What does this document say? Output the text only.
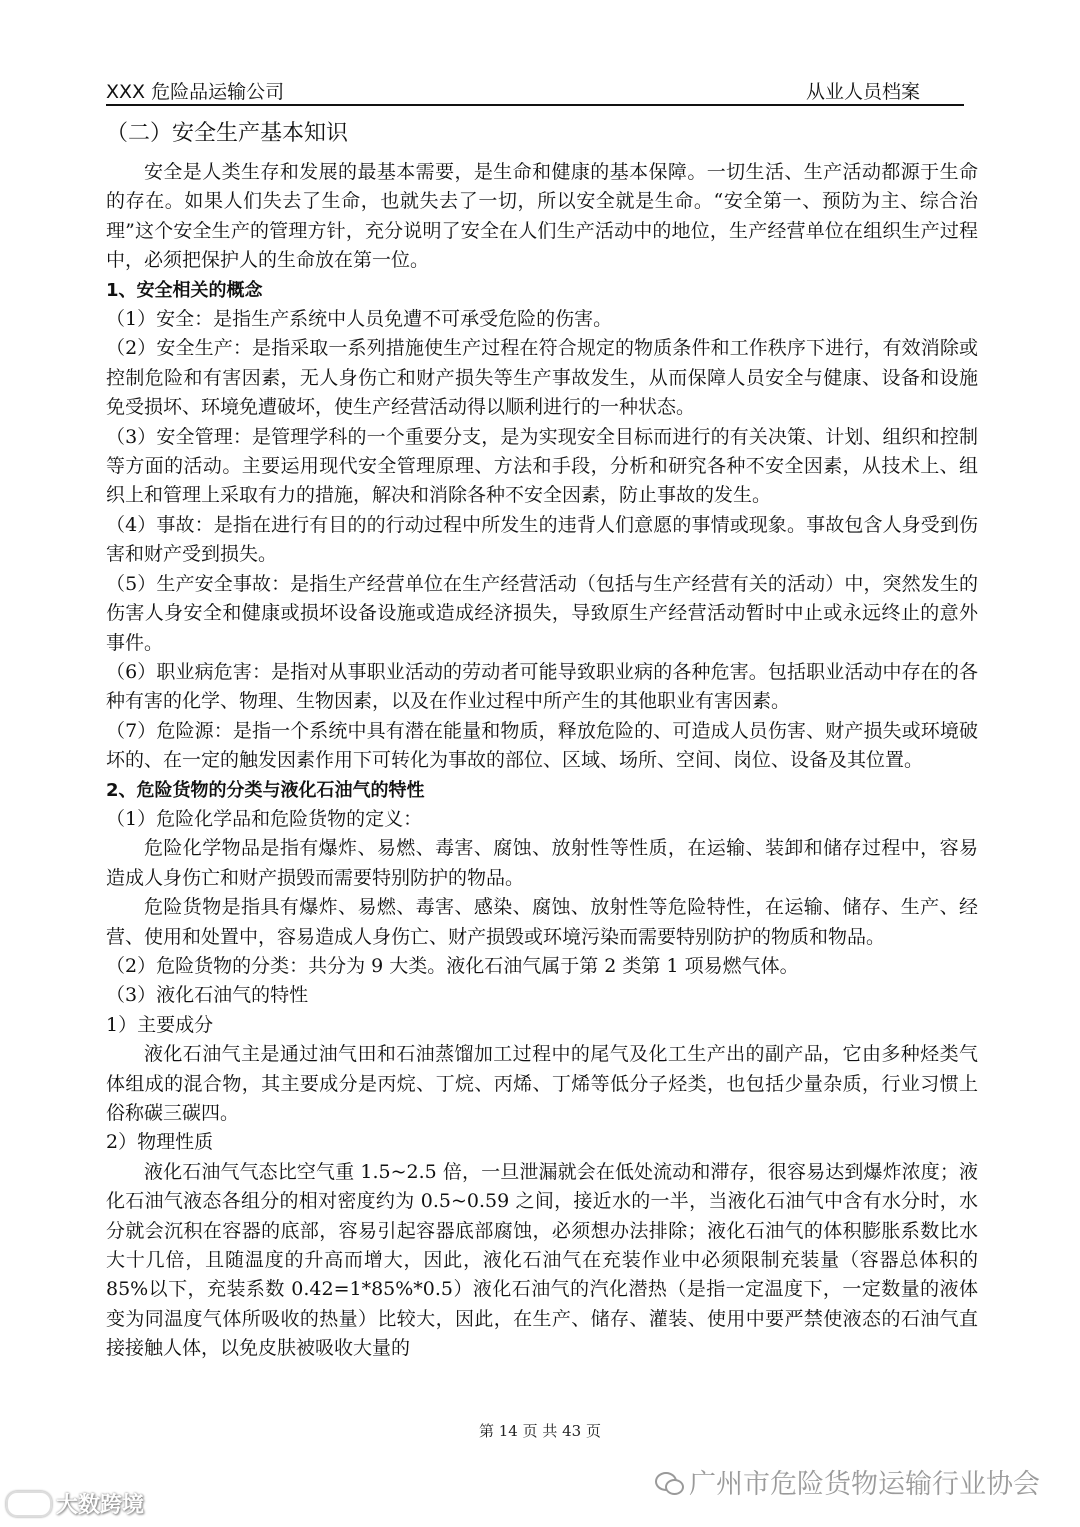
XXX 危险品运输公司	从业人员档案
（二）安全生产基本知识

安全是人类生存和发展的最基本需要，是生命和健康的基本保障。一切生活、生产活动都源于生命的存在。如果人们失去了生命，也就失去了一切，所以安全就是生命。“安全第一、预防为主、综合治理”这个安全生产的管理方针，充分说明了安全在人们生产活动中的地位，生产经营单位在组织生产过程中，必须把保护人的生命放在第一位。

1、安全相关的概念

（1）安全：是指生产系统中人员免遭不可承受危险的伤害。

（2）安全生产：是指采取一系列措施使生产过程在符合规定的物质条件和工作秩序下进行，有效消除或控制危险和有害因素，无人身伤亡和财产损失等生产事故发生，从而保障人员安全与健康、设备和设施免受损坏、环境免遭破坏，使生产经营活动得以顺利进行的一种状态。

（3）安全管理：是管理学科的一个重要分支，是为实现安全目标而进行的有关决策、计划、组织和控制等方面的活动。主要运用现代安全管理原理、方法和手段，分析和研究各种不安全因素，从技术上、组织上和管理上采取有力的措施，解决和消除各种不安全因素，防止事故的发生。

（4）事故：是指在进行有目的的行动过程中所发生的违背人们意愿的事情或现象。事故包含人身受到伤害和财产受到损失。

（5）生产安全事故：是指生产经营单位在生产经营活动（包括与生产经营有关的活动）中，突然发生的伤害人身安全和健康或损坏设备设施或造成经济损失，导致原生产经营活动暂时中止或永远终止的意外事件。

（6）职业病危害：是指对从事职业活动的劳动者可能导致职业病的各种危害。包括职业活动中存在的各种有害的化学、物理、生物因素，以及在作业过程中所产生的其他职业有害因素。

（7）危险源：是指一个系统中具有潜在能量和物质，释放危险的、可造成人员伤害、财产损失或环境破坏的、在一定的触发因素作用下可转化为事故的部位、区域、场所、空间、岗位、设备及其位置。

2、危险货物的分类与液化石油气的特性

（1）危险化学品和危险货物的定义：

危险化学物品是指有爆炸、易燃、毒害、腐蚀、放射性等性质，在运输、装卸和储存过程中，容易造成人身伤亡和财产损毁而需要特别防护的物品。

危险货物是指具有爆炸、易燃、毒害、感染、腐蚀、放射性等危险特性，在运输、储存、生产、经营、使用和处置中，容易造成人身伤亡、财产损毁或环境污染而需要特别防护的物质和物品。

（2）危险货物的分类：共分为 9 大类。液化石油气属于第 2 类第 1 项易燃气体。

（3）液化石油气的特性

1）主要成分

液化石油气主是通过油气田和石油蒸馏加工过程中的尾气及化工生产出的副产品，它由多种烃类气体组成的混合物，其主要成分是丙烷、丁烷、丙烯、丁烯等低分子烃类，也包括少量杂质，行业习惯上俗称碳三碳四。

2）物理性质

液化石油气气态比空气重 1.5~2.5 倍，一旦泄漏就会在低处流动和滞存，很容易达到爆炸浓度；液化石油气液态各组分的相对密度约为 0.5~0.59 之间，接近水的一半，当液化石油气中含有水分时，水分就会沉积在容器的底部，容易引起容器底部腐蚀，必须想办法排除；液化石油气的体积膨胀系数比水大十几倍，且随温度的升高而增大，因此，液化石油气在充装作业中必须限制充装量（容器总体积的 85%以下，充装系数 0.42=1*85%*0.5）液化石油气的汽化潜热（是指一定温度下，一定数量的液体变为同温度气体所吸收的热量）比较大，因此，在生产、储存、灌装、使用中要严禁使液态的石油气直接接触人体，以免皮肤被吸收大量的

第 14 页 共 43 页
广州市危险货物运输行业协会
大数跨境
